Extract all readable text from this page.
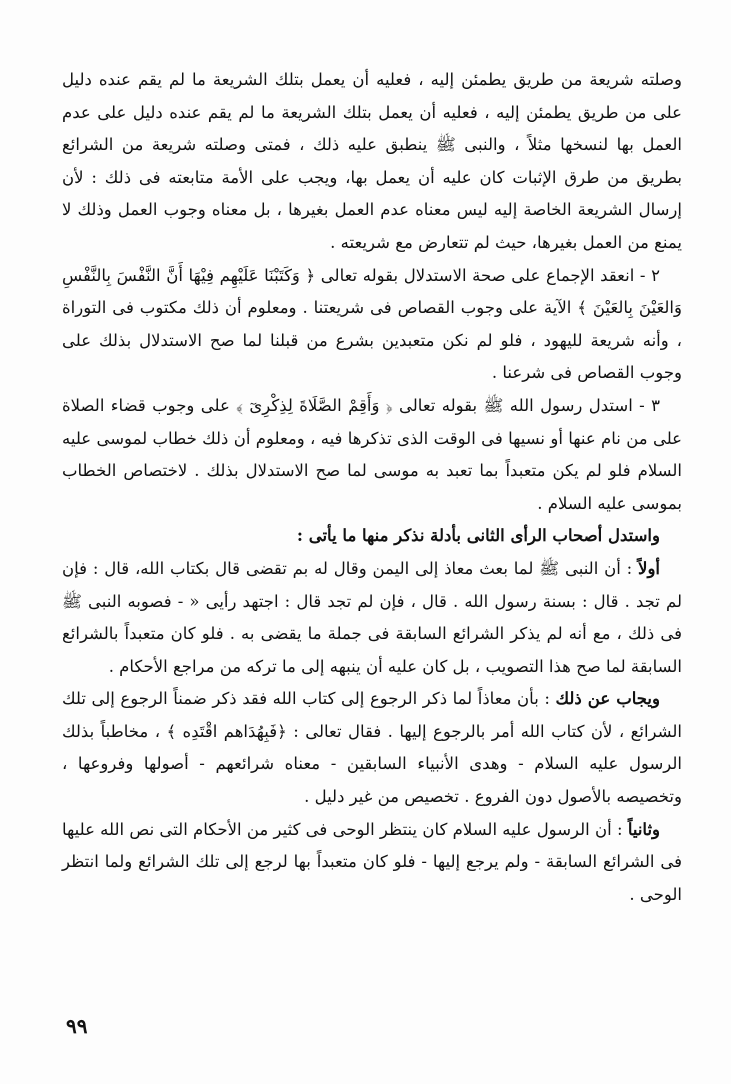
وصلته شريعة من طريق يطمئن إليه ، فعليه أن يعمل بتلك الشريعة ما لم يقم عنده دليل على من طريق يطمئن إليه ، فعليه أن يعمل بتلك الشريعة ما لم يقم عنده دليل على عدم العمل بها لنسخها مثلاً ، والنبى ﷺ ينطبق عليه ذلك ، فمتى وصلته شريعة من الشرائع بطريق من طرق الإثبات كان عليه أن يعمل بها، ويجب على الأمة متابعته فى ذلك : لأن إرسال الشريعة الخاصة إليه ليس معناه عدم العمل بغيرها ، بل معناه وجوب العمل وذلك لا يمنع من العمل بغيرها، حيث لم تتعارض مع شريعته .

٢ - انعقد الإجماع على صحة الاستدلال بقوله تعالى ﴿ وَكَتَبْنَا عَلَيْهِم فِيْهَا أَنَّ النَّفْسَ بِالنَّفْسِ وَالعَيْنَ بِالعَيْنَ ﴾ الآية على وجوب القصاص فى شريعتنا . ومعلوم أن ذلك مكتوب فى التوراة ، وأنه شريعة لليهود ، فلو لم نكن متعبدين بشرع من قبلنا لما صح الاستدلال بذلك على وجوب القصاص فى شرعنا .

٣ - استدل رسول الله ﷺ بقوله تعالى ﴿ وَأَقِمْ الصَّلَاةَ لِذِكْرِىٓ ﴾ على وجوب قضاء الصلاة على من نام عنها أو نسيها فى الوقت الذى تذكرها فيه ، ومعلوم أن ذلك خطاب لموسى عليه السلام فلو لم يكن متعبداً بما تعبد به موسى لما صح الاستدلال بذلك . لاختصاص الخطاب بموسى عليه السلام .

واستدل أصحاب الرأى الثانى بأدلة نذكر منها ما يأتى :

أولاً : أن النبى ﷺ لما بعث معاذ إلى اليمن وقال له بم تقضى قال بكتاب الله، قال : فإن لم تجد . قال : بسنة رسول الله . قال ، فإن لم تجد قال : اجتهد رأيى « - فصوبه النبى ﷺ فى ذلك ، مع أنه لم يذكر الشرائع السابقة فى جملة ما يقضى به . فلو كان متعبداً بالشرائع السابقة لما صح هذا التصويب ، بل كان عليه أن ينبهه إلى ما تركه من مراجع الأحكام .

ويجاب عن ذلك : بأن معاذاً لما ذكر الرجوع إلى كتاب الله فقد ذكر ضمناً الرجوع إلى تلك الشرائع ، لأن كتاب الله أمر بالرجوع إليها . فقال تعالى : ﴿فَبِهُدَاهم اقْتَدِه ﴾ ، مخاطباً بذلك الرسول عليه السلام - وهدى الأنبياء السابقين - معناه شرائعهم - أصولها وفروعها ، وتخصيصه بالأصول دون الفروع . تخصيص من غير دليل .

وثانياً : أن الرسول عليه السلام كان ينتظر الوحى فى كثير من الأحكام التى نص الله عليها فى الشرائع السابقة - ولم يرجع إليها - فلو كان متعبداً بها لرجع إلى تلك الشرائع ولما انتظر الوحى .

٩٩
